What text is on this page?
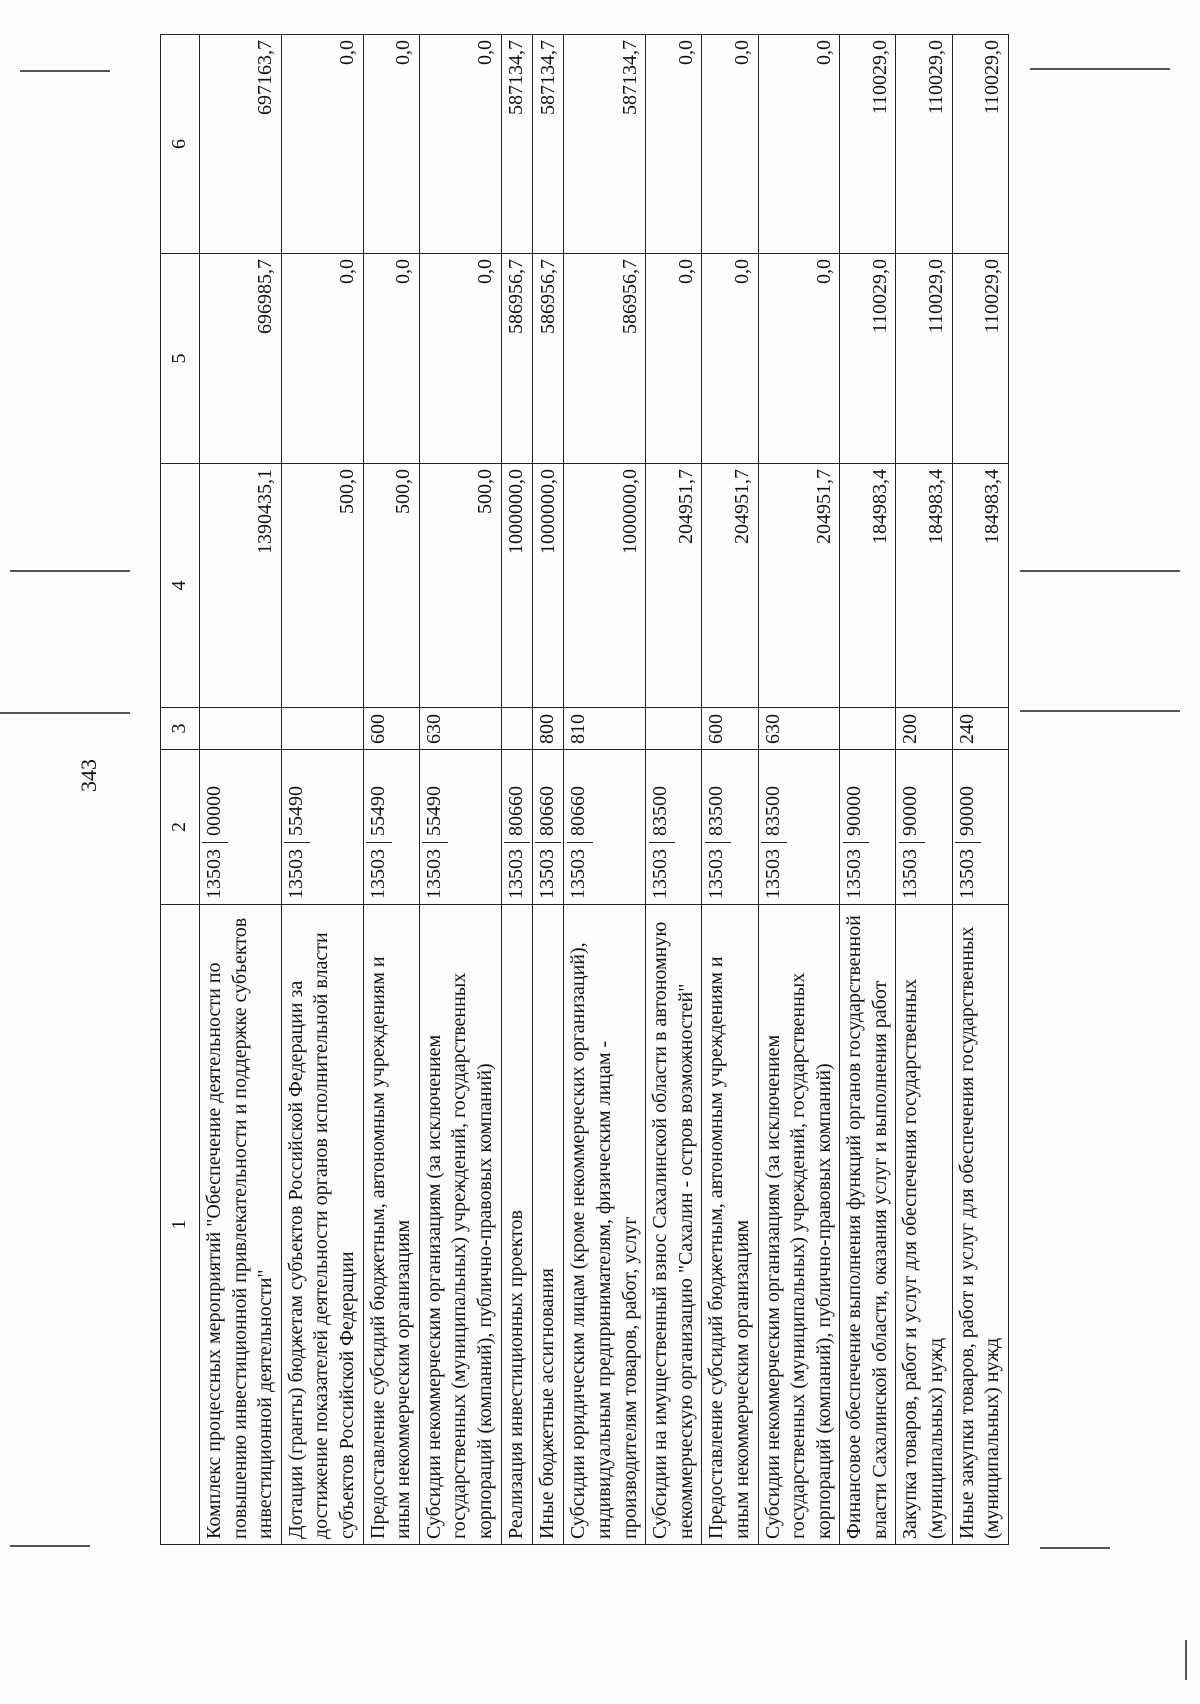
343
1	2	3	4	5	6
Комплекс процессных мероприятий "Обеспечение деятельности по повышению инвестиционной привлекательности и поддержке субъектов инвестиционной деятельности"	1350300000		1390435,1	696985,7	697163,7
Дотации (гранты) бюджетам субъектов Российской Федерации за достижение показателей деятельности органов исполнительной власти субъектов Российской Федерации	1350355490		500,0	0,0	0,0
Предоставление субсидий бюджетным, автономным учреждениям и иным некоммерческим организациям	1350355490	600	500,0	0,0	0,0
Субсидии некоммерческим организациям (за исключением государственных (муниципальных) учреждений, государственных корпораций (компаний), публично-правовых компаний)	1350355490	630	500,0	0,0	0,0
Реализация инвестиционных проектов	1350380660		1000000,0	586956,7	587134,7
Иные бюджетные ассигнования	1350380660	800	1000000,0	586956,7	587134,7
Субсидии юридическим лицам (кроме некоммерческих организаций), индивидуальным предпринимателям, физическим лицам - производителям товаров, работ, услуг	1350380660	810	1000000,0	586956,7	587134,7
Субсидии на имущественный взнос Сахалинской области в автономную некоммерческую организацию "Сахалин - остров возможностей"	1350383500		204951,7	0,0	0,0
Предоставление субсидий бюджетным, автономным учреждениям и иным некоммерческим организациям	1350383500	600	204951,7	0,0	0,0
Субсидии некоммерческим организациям (за исключением государственных (муниципальных) учреждений, государственных корпораций (компаний), публично-правовых компаний)	1350383500	630	204951,7	0,0	0,0
Финансовое обеспечение выполнения функций органов государственной власти Сахалинской области, оказания услуг и выполнения работ	1350390000		184983,4	110029,0	110029,0
Закупка товаров, работ и услуг для обеспечения государственных (муниципальных) нужд	1350390000	200	184983,4	110029,0	110029,0
Иные закупки товаров, работ и услуг для обеспечения государственных (муниципальных) нужд	1350390000	240	184983,4	110029,0	110029,0
